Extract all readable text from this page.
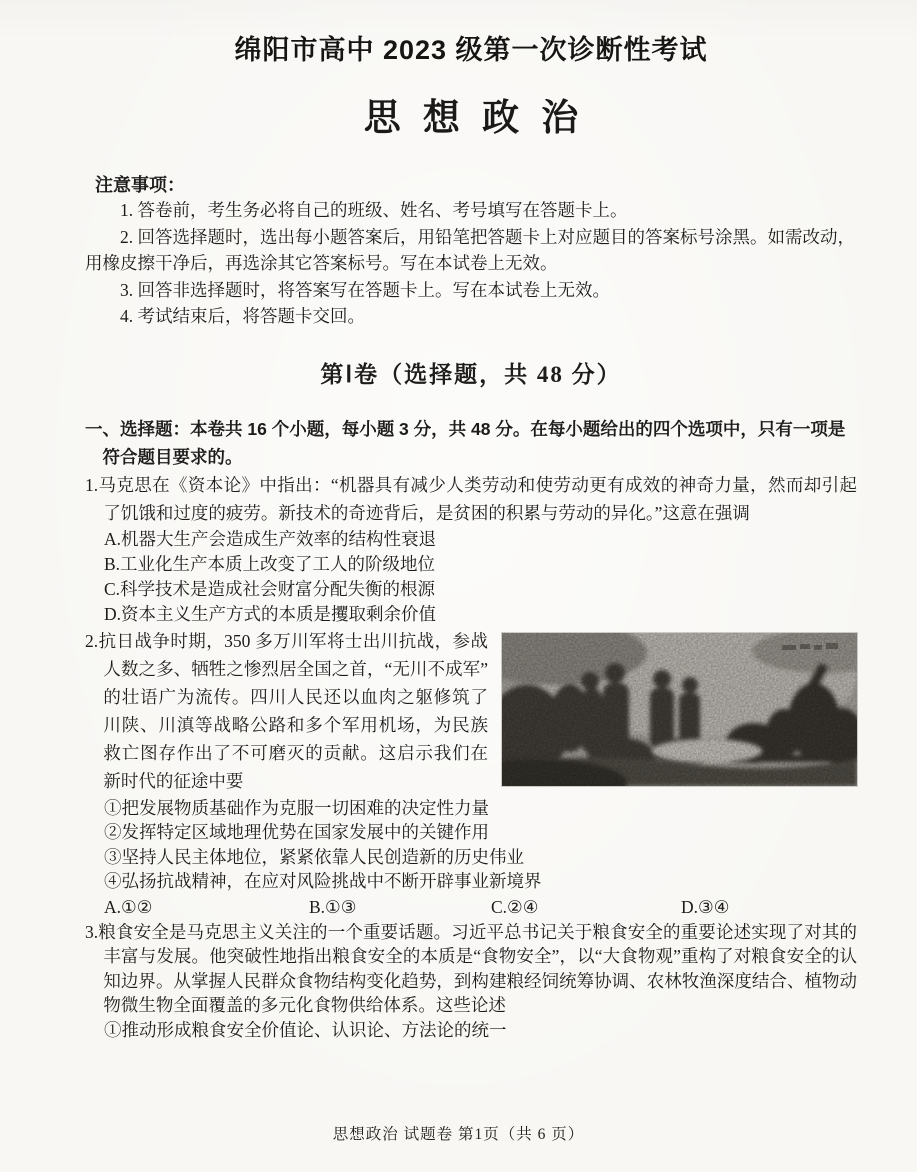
绵阳市高中 2023 级第一次诊断性考试
思想政治
注意事项：

1. 答卷前，考生务必将自己的班级、姓名、考号填写在答题卡上。

2. 回答选择题时，选出每小题答案后，用铅笔把答题卡上对应题目的答案标号涂黑。如需改动，用橡皮擦干净后，再选涂其它答案标号。写在本试卷上无效。

3. 回答非选择题时，将答案写在答题卡上。写在本试卷上无效。

4. 考试结束后，将答题卡交回。

第Ⅰ卷（选择题，共 48 分）

一、选择题：本卷共 16 个小题，每小题 3 分，共 48 分。在每小题给出的四个选项中，只有一项是符合题目要求的。

1.马克思在《资本论》中指出：“机器具有减少人类劳动和使劳动更有成效的神奇力量，然而却引起了饥饿和过度的疲劳。新技术的奇迹背后，是贫困的积累与劳动的异化。”这意在强调

A.机器大生产会造成生产效率的结构性衰退

B.工业化生产本质上改变了工人的阶级地位

C.科学技术是造成社会财富分配失衡的根源

D.资本主义生产方式的本质是攫取剩余价值

2.抗日战争时期，350 多万川军将士出川抗战，参战人数之多、牺牲之惨烈居全国之首，“无川不成军”的壮语广为流传。四川人民还以血肉之躯修筑了川陕、川滇等战略公路和多个军用机场，为民族救亡图存作出了不可磨灭的贡献。这启示我们在新时代的征途中要

①把发展物质基础作为克服一切困难的决定性力量

②发挥特定区域地理优势在国家发展中的关键作用

③坚持人民主体地位，紧紧依靠人民创造新的历史伟业

④弘扬抗战精神，在应对风险挑战中不断开辟事业新境界

A.①②	B.①③	C.②④	D.③④

3.粮食安全是马克思主义关注的一个重要话题。习近平总书记关于粮食安全的重要论述实现了对其的丰富与发展。他突破性地指出粮食安全的本质是“食物安全”，以“大食物观”重构了对粮食安全的认知边界。从掌握人民群众食物结构变化趋势，到构建粮经饲统筹协调、农林牧渔深度结合、植物动物微生物全面覆盖的多元化食物供给体系。这些论述

①推动形成粮食安全价值论、认识论、方法论的统一

思想政治 试题卷 第1页（共 6 页）
